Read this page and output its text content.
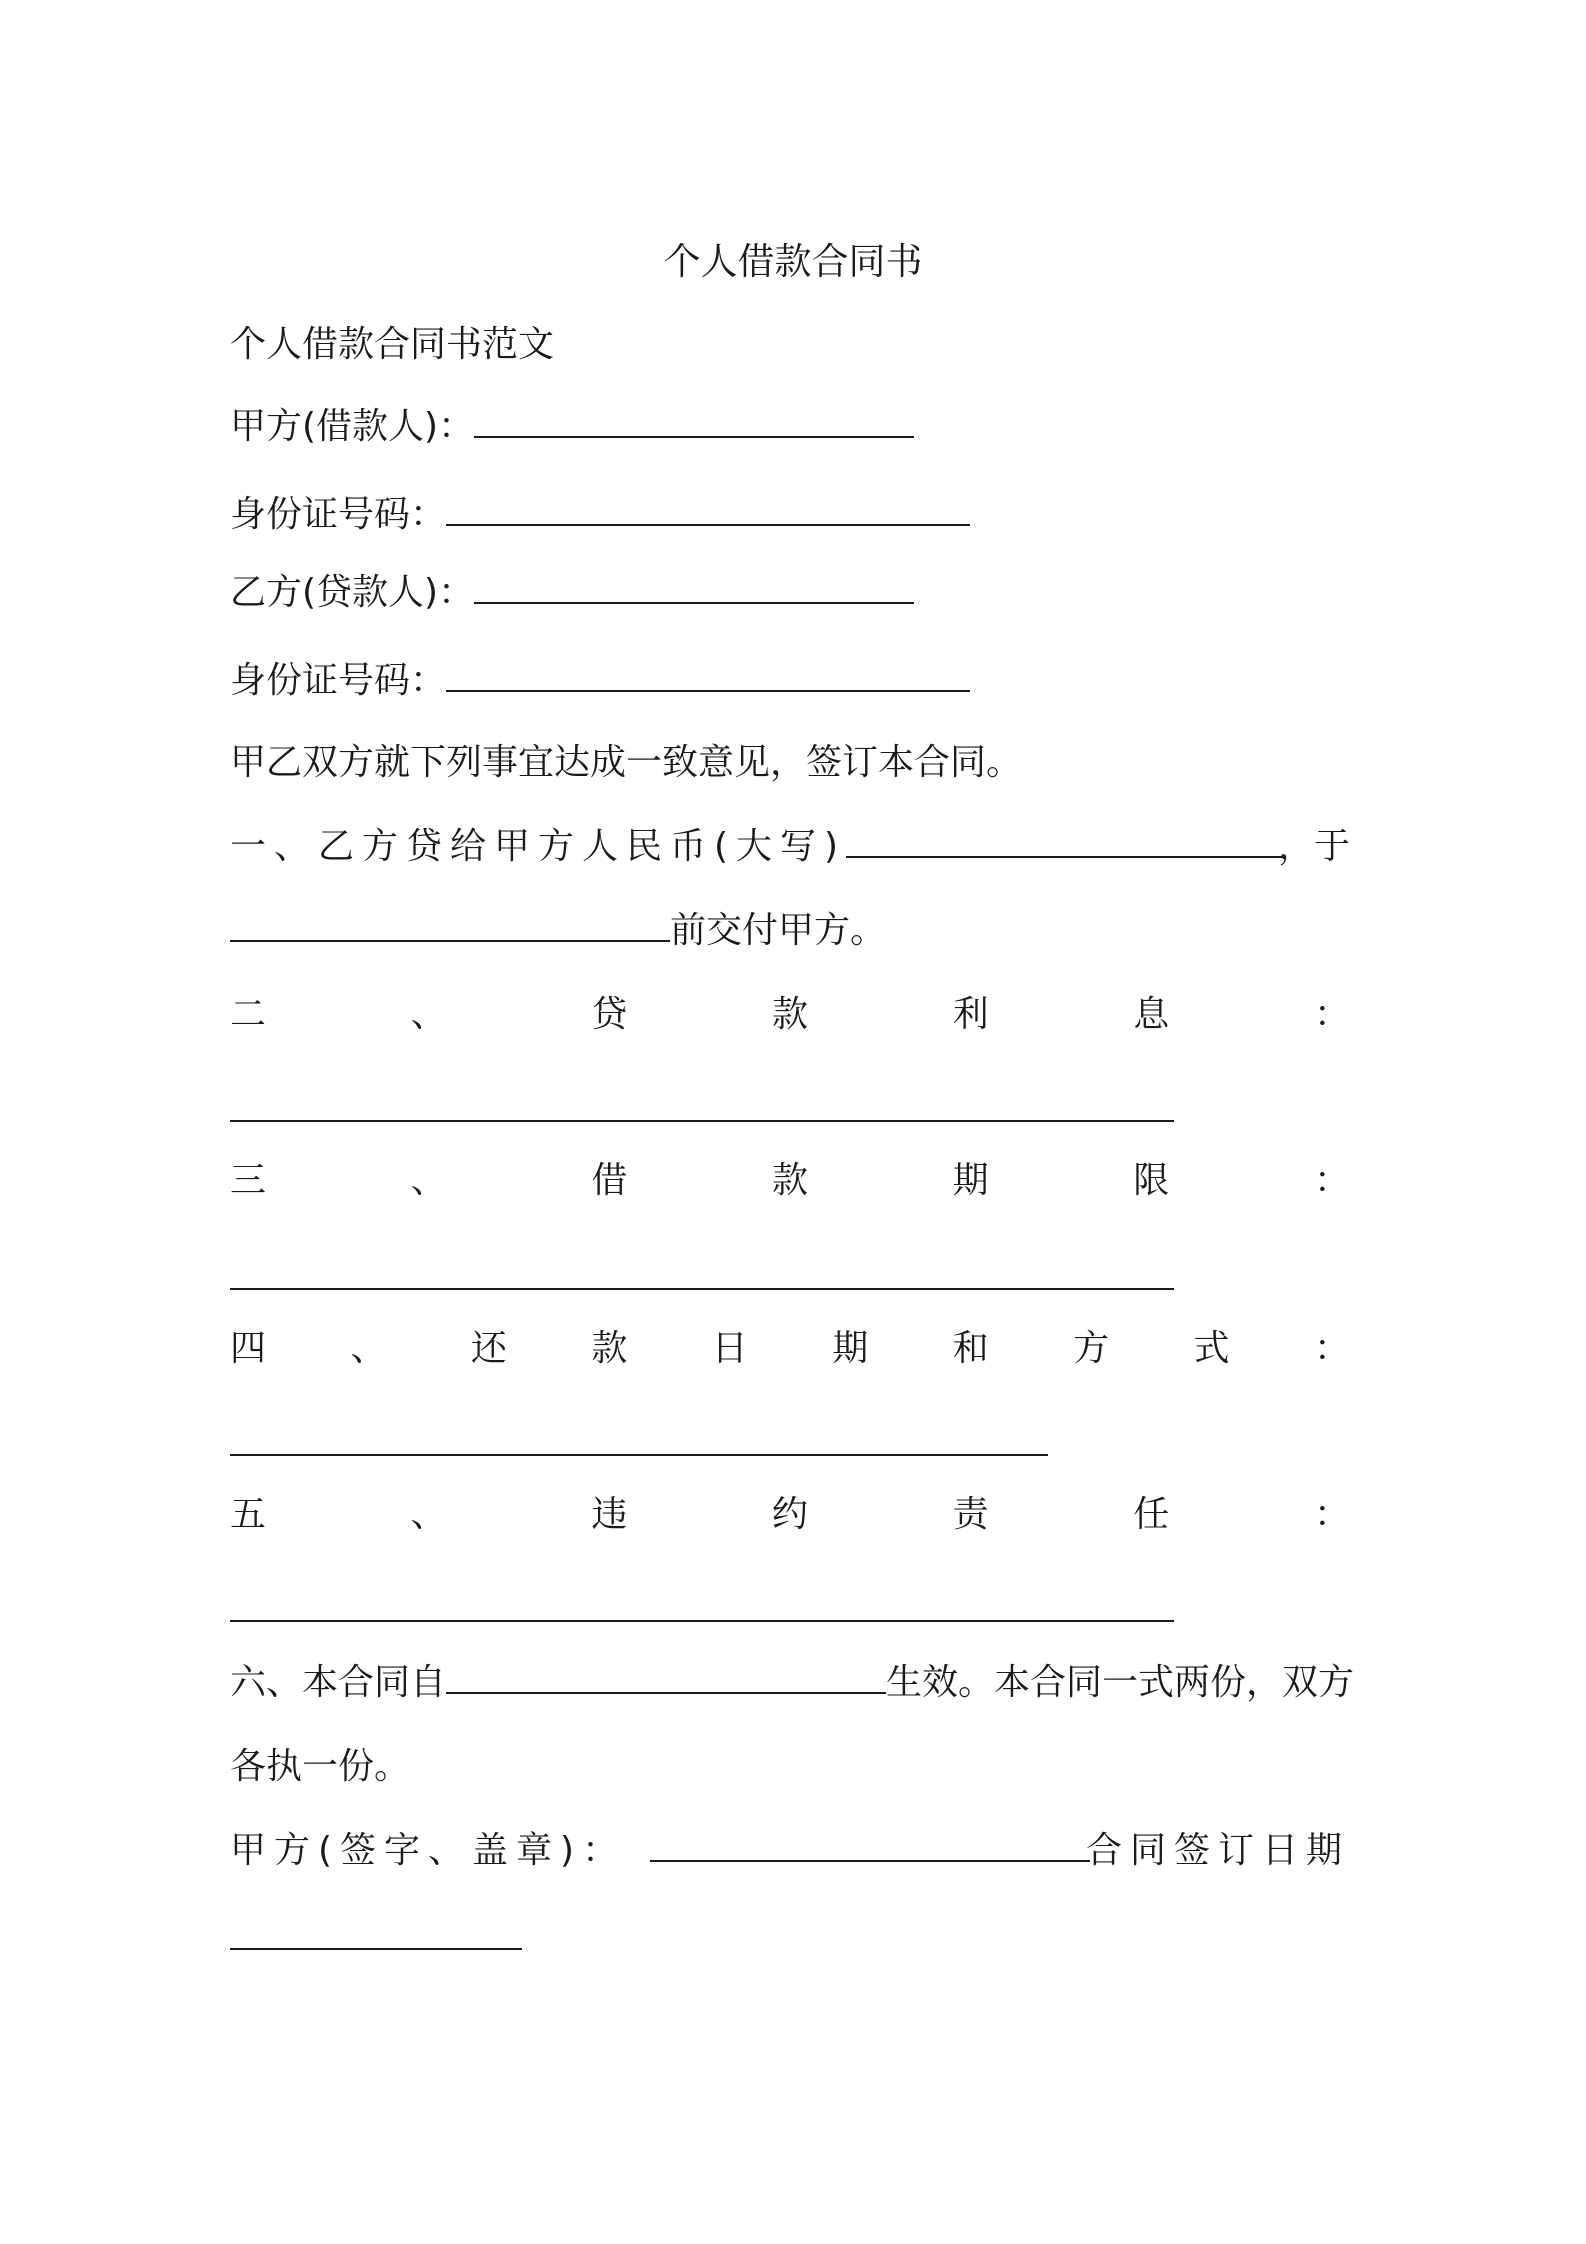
个人借款合同书
个人借款合同书范文
甲方(借款人)：
身份证号码：
乙方(贷款人)：
身份证号码：
甲乙双方就下列事宜达成一致意见，签订本合同。
一、乙方贷给甲方人民币(大写)	，于
前交付甲方。
二	、	贷	款	利	息	：
三	、	借	款	期	限	：
四 、 还 款 日 期 和 方 式 ：
五	、	违	约	责	任	：
六、本合同自	生效。本合同一式两份，双方
各执一份。
甲方(签字、盖章)：	合同签订日期
